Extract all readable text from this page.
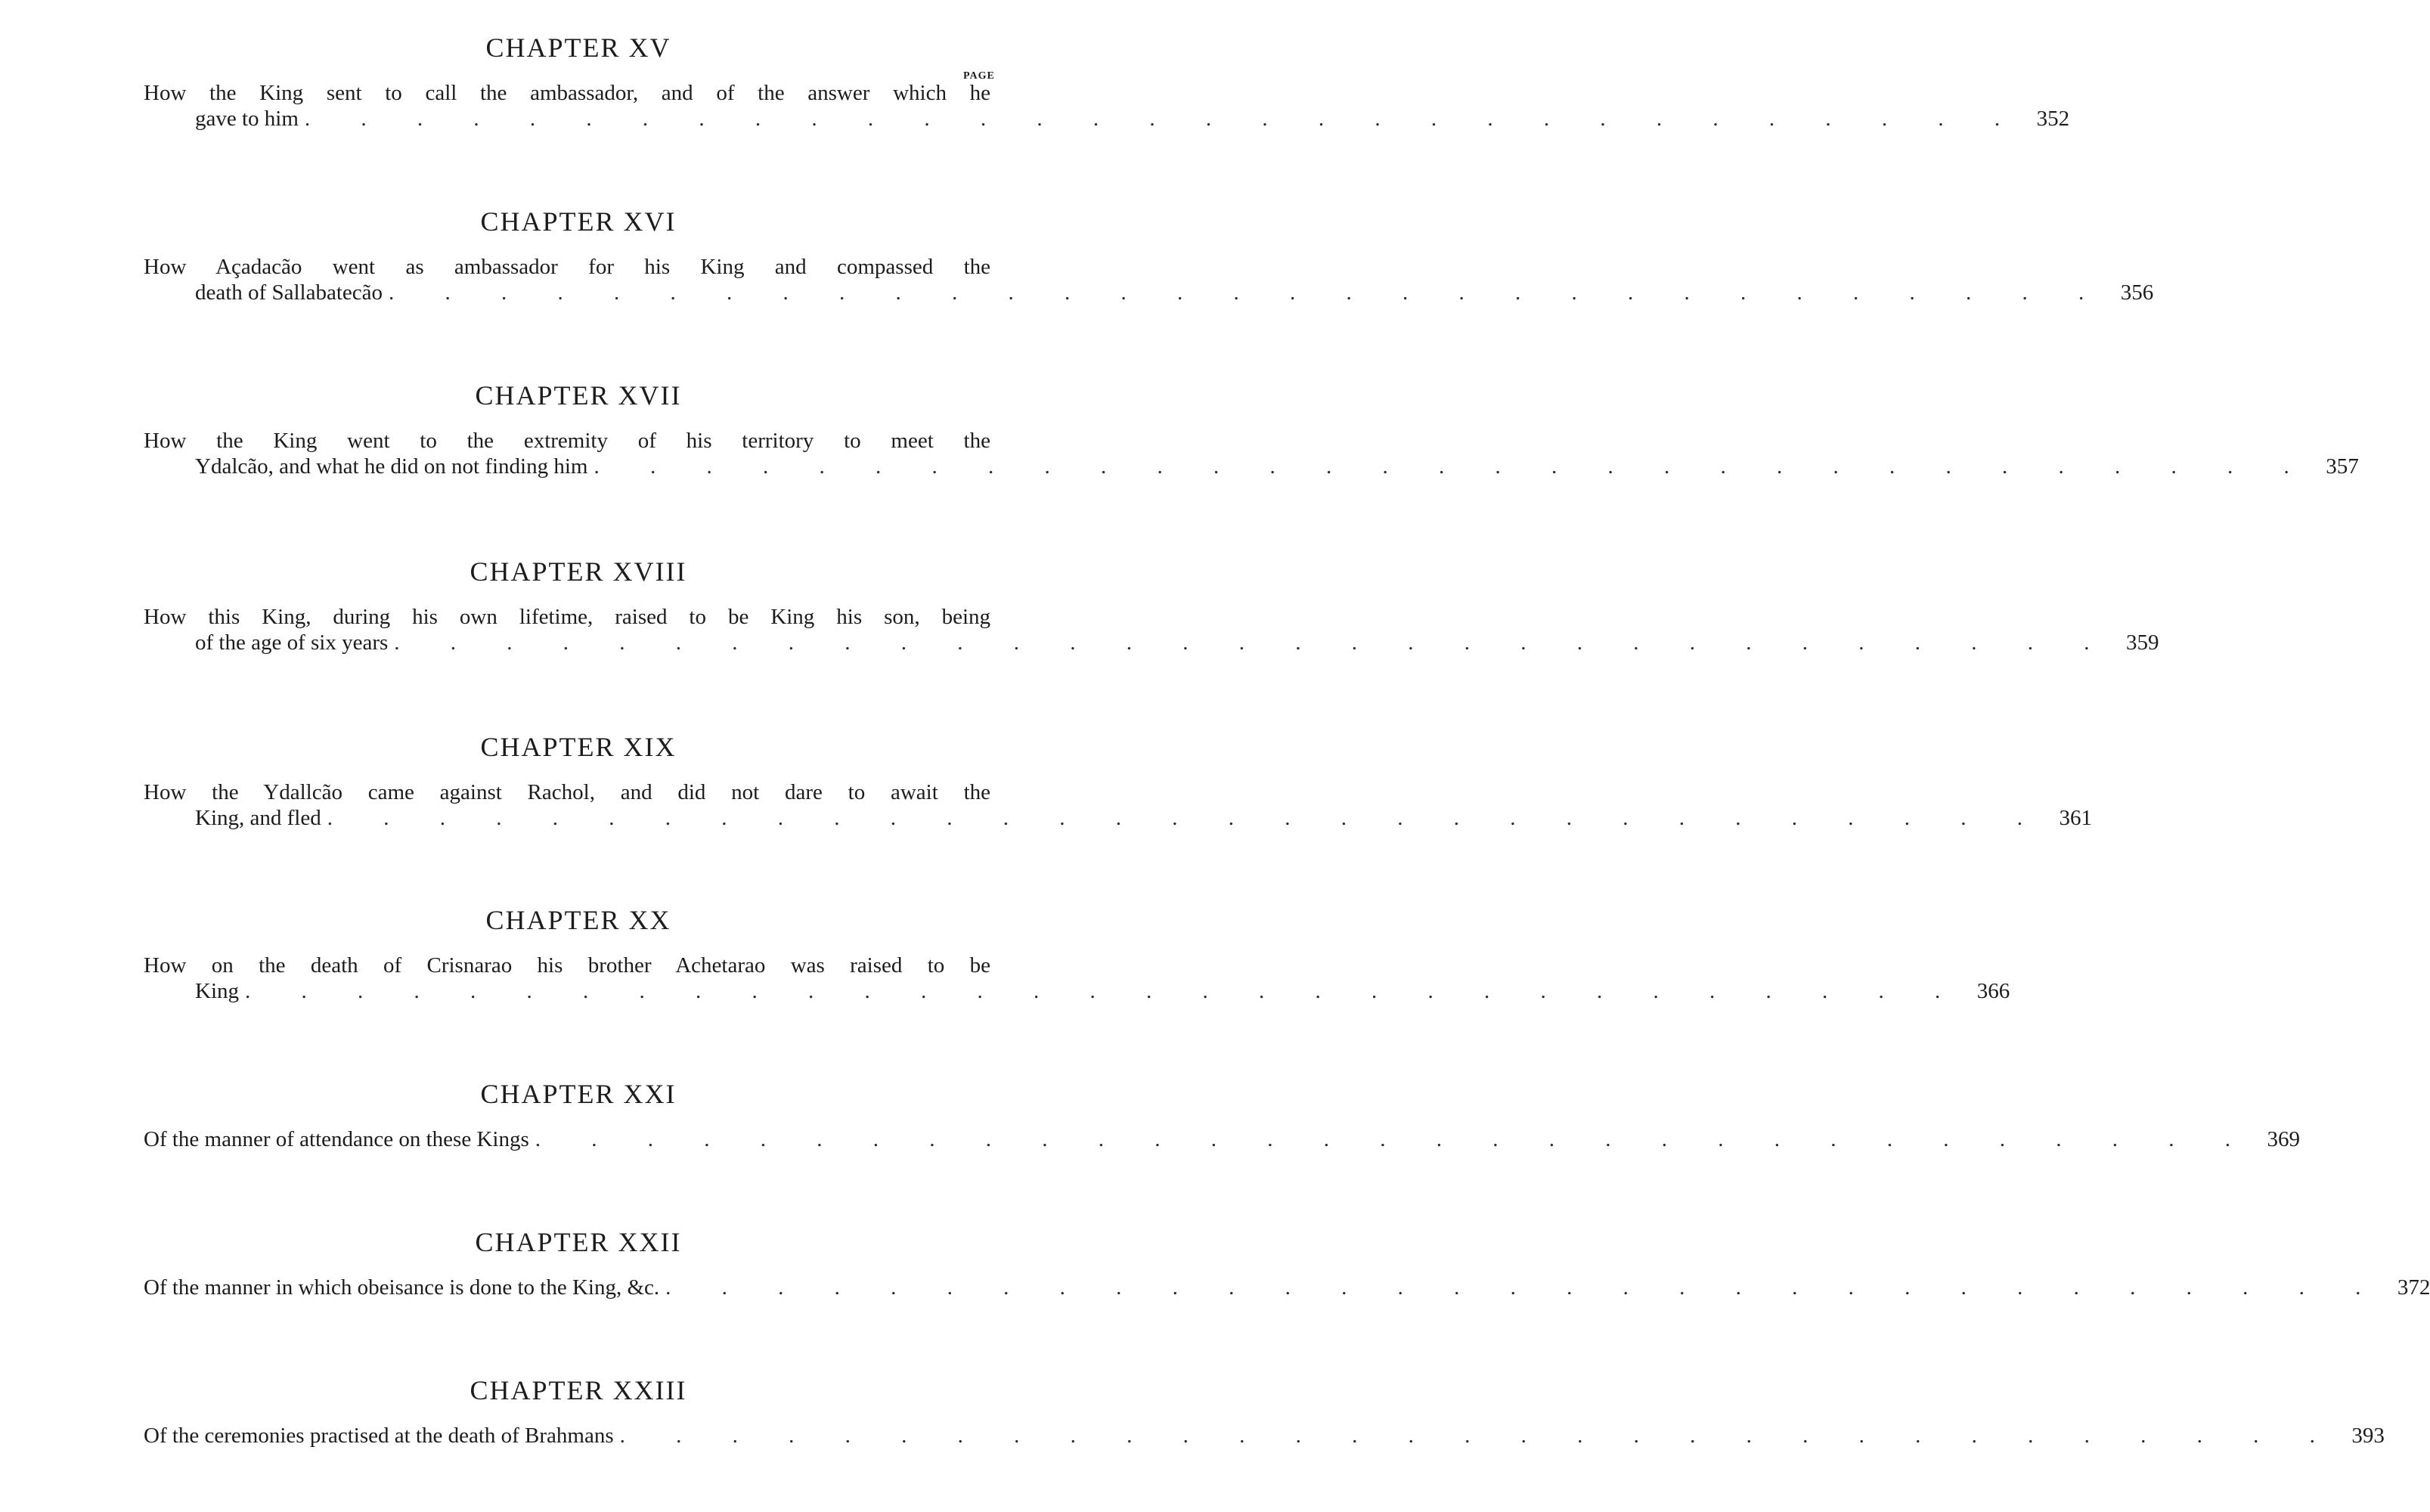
PAGE
CHAPTER XV
How the King sent to call the ambassador, and of the answer which he
gave to him . . . . . . . . . . . . . . . . . . . . . . . . . . . . . . . 352
CHAPTER XVI
How Açadacão went as ambassador for his King and compassed the
death of Sallabatecão . . . . . . . . . . . . . . . . . . . . . . . . . . . . . . . 356
CHAPTER XVII
How the King went to the extremity of his territory to meet the
Ydalcão, and what he did on not finding him . . . . . . . . . . . . . . . . . . . . . . . . . . . . . . . 357
CHAPTER XVIII
How this King, during his own lifetime, raised to be King his son, being
of the age of six years . . . . . . . . . . . . . . . . . . . . . . . . . . . . . . . 359
CHAPTER XIX
How the Ydallcão came against Rachol, and did not dare to await the
King, and fled . . . . . . . . . . . . . . . . . . . . . . . . . . . . . . . 361
CHAPTER XX
How on the death of Crisnarao his brother Achetarao was raised to be
King . . . . . . . . . . . . . . . . . . . . . . . . . . . . . . . 366
CHAPTER XXI
Of the manner of attendance on these Kings . . . . . . . . . . . . . . . . . . . . . . . . . . . . . . . 369
CHAPTER XXII
Of the manner in which obeisance is done to the King, &c. . . . . . . . . . . . . . . . . . . . . . . . . . . . . . . . 372
CHAPTER XXIII
Of the ceremonies practised at the death of Brahmans . . . . . . . . . . . . . . . . . . . . . . . . . . . . . . . 393
